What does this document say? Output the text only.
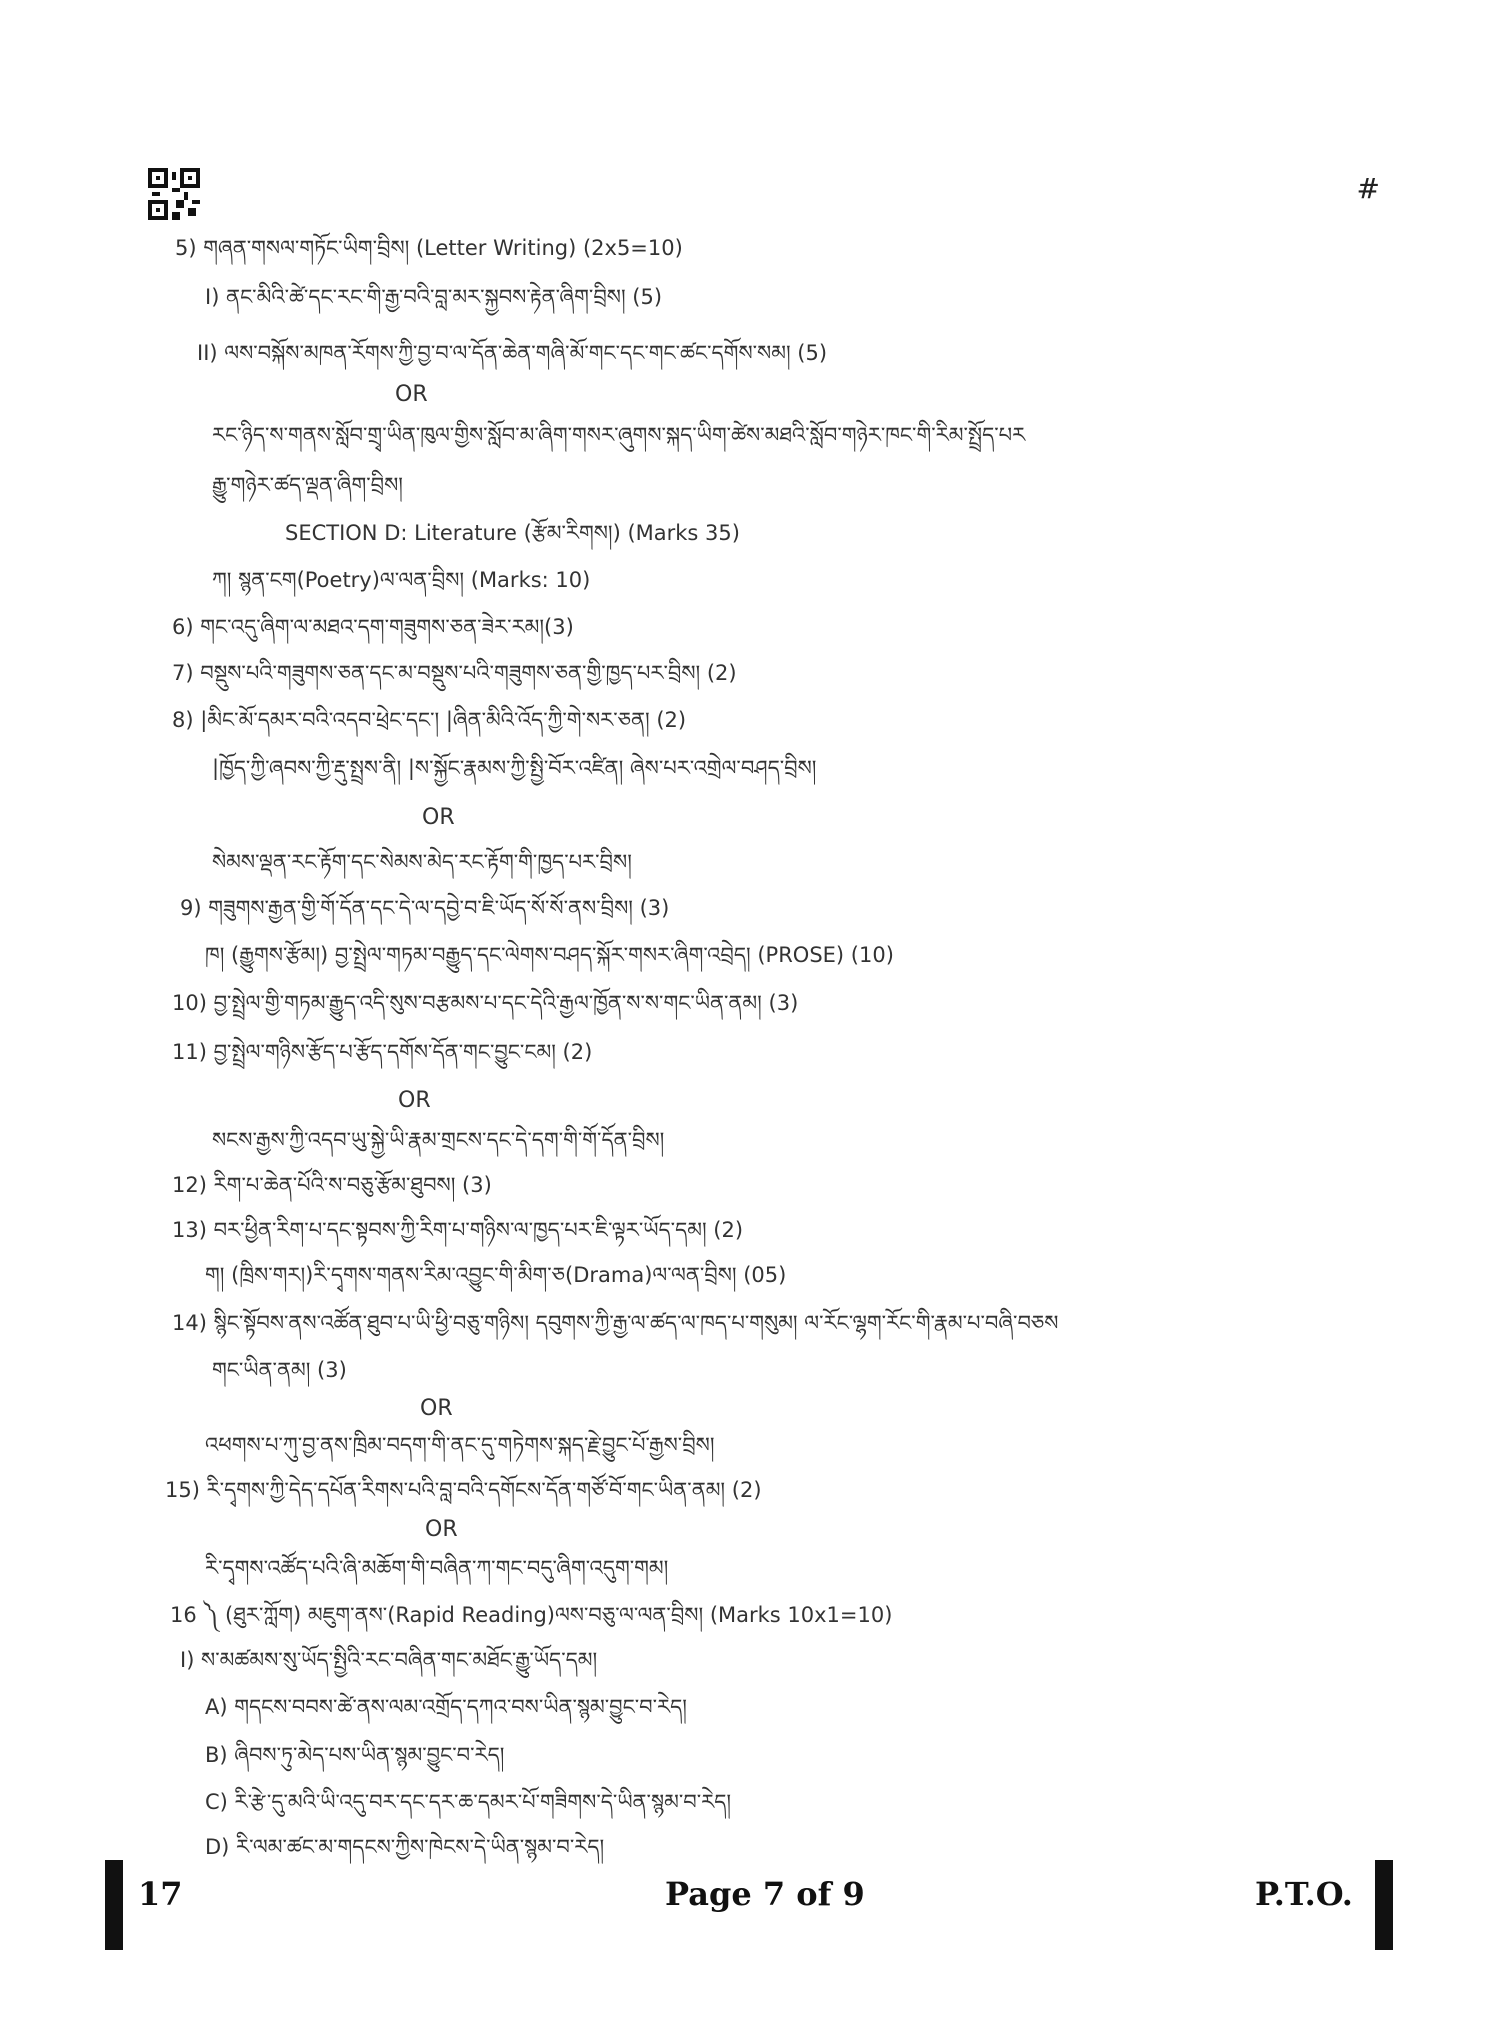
#
5) གཞན་གསལ་གཏོང་ཡིག་བྲིས། (Letter Writing) (2x5=10)
I) ནང་མིའི་ཚེ་དང་རང་གི་རྒྱ་བའི་བླ་མར་སྐྱབས་རྟེན་ཞིག་བྲིས། (5)
II) ལས་བསྐོས་མཁན་རོགས་ཀྱི་བྱ་བ་ལ་དོན་ཆེན་གཞི་མོ་གང་དང་གང་ཚང་དགོས་སམ། (5)
OR
རང་ཉིད་ས་གནས་སློབ་གྲྭ་ཡིན་ཁུལ་གྱིས་སློབ་མ་ཞིག་གསར་ཞུགས་སྐད་ཡིག་ཚེས་མཐའི་སློབ་གཉེར་ཁང་གི་རིམ་སྤྲོད་པར
རྒྱུ་གཉེར་ཚད་ལྡན་ཞིག་བྲིས།
SECTION D: Literature (རྩོམ་རིགས།) (Marks 35)
ཀ། སྙན་ངག(Poetry)ལ་ལན་བྲིས། (Marks: 10)
6) གང་འདུ་ཞིག་ལ་མཐའ་དག་གཟུགས་ཅན་ཟེར་རམ།(3)
7) བསྡུས་པའི་གཟུགས་ཅན་དང་མ་བསྡུས་པའི་གཟུགས་ཅན་གྱི་ཁྱད་པར་བྲིས། (2)
8) |མིང་མོ་དམར་བའི་འདབ་ཕྲེང་དང་། |ཞིན་མིའི་འོད་ཀྱི་གེ་སར་ཅན། (2)
|ཁྱོད་ཀྱི་ཞབས་ཀྱི་རྡུ་སྤྲས་ནི། |ས་སྐྱོང་རྣམས་ཀྱི་སྤྱི་བོར་འཛིན། ཞེས་པར་འགྲེལ་བཤད་བྲིས།
OR
སེམས་ལྡན་རང་རྟོག་དང་སེམས་མེད་རང་རྟོག་གི་ཁྱད་པར་བྲིས།
9) གཟུགས་རྒྱན་གྱི་གོ་དོན་དང་དེ་ལ་དབྱེ་བ་ཇི་ཡོད་སོ་སོ་ནས་བྲིས། (3)
ཁ། (རྒྱུགས་རྩོམ།) བྱ་སྤྲེལ་གཏམ་བརྒྱུད་དང་ལེགས་བཤད་སྐོར་གསར་ཞིག་འབྲེད། (PROSE) (10)
10) བྱ་སྤྲེལ་གྱི་གཏམ་རྒྱུད་འདི་སུས་བརྩམས་པ་དང་དེའི་རྒྱལ་ཁྱོན་ས་ས་གང་ཡིན་ནམ། (3)
11) བྱ་སྤྲེལ་གཉིས་རྩོད་པ་རྩོད་དགོས་དོན་གང་བྱུང་ངམ། (2)
OR
སངས་རྒྱས་ཀྱི་འདབ་ཡུ་སྐྱེ་ཡི་རྣམ་གྲངས་དང་དེ་དག་གི་གོ་དོན་བྲིས།
12) རིག་པ་ཆེན་པོའི་ས་བཅུ་རྩོམ་ཐུབས། (3)
13) བར་ཕྱིན་རིག་པ་དང་སྟབས་ཀྱི་རིག་པ་གཉིས་ལ་ཁྱད་པར་ཇི་ལྟར་ཡོད་དམ། (2)
ག། (ཁྲིས་གར།)རི་དྭགས་གནས་རིམ་འབྱུང་གི་མིག་ཅ(Drama)ལ་ལན་བྲིས། (05)
14) སྙིང་སྟོབས་ནས་འཚོན་ཐུབ་པ་ཡི་ཕྱི་བཅུ་གཉིས། དབུགས་ཀྱི་རྒྱ་ལ་ཚད་ལ་ཁད་པ་གསུམ། ལ་རོང་ལྷག་རོང་གི་རྣམ་པ་བཞི་བཅས
གང་ཡིན་ནམ། (3)
OR
འཕགས་པ་ཀུ་བྱ་ནས་ཁྲིམ་བདག་གི་ནང་དུ་གཏེགས་སྐད་རྗེ་བྱུང་པོ་རྒྱས་བྲིས།
15) རི་དྭགས་ཀྱི་དེད་དཔོན་རིགས་པའི་བླ་བའི་དགོངས་དོན་གཙོ་བོ་གང་ཡིན་ནམ། (2)
OR
རི་དྭགས་འཚོད་པའི་ཞི་མཆོག་གི་བཞིན་ཀ་གང་བདུ་ཞིག་འདུག་གམ།
16 ༽ (ཐུར་ཀློག) མཇུག་ནས་(Rapid Reading)ལས་བཅུ་ལ་ལན་བྲིས། (Marks 10x1=10)
I) ས་མཚམས་སུ་ཡོད་སྤྱིའི་རང་བཞིན་གང་མཐོང་རྒྱུ་ཡོད་དམ།
A) གདངས་བབས་ཚེ་ནས་ལམ་འགྲོད་དཀའ་བས་ཡིན་སྙམ་བྱུང་བ་རེད།
B) ཞིབས་ཏུ་མེད་པས་ཡིན་སྙམ་བྱུང་བ་རེད།
C) རི་རྩེ་དུ་མའི་ཡི་འདུ་བར་དང་དར་ཆ་དམར་པོ་གཟིགས་དེ་ཡིན་སྙམ་བ་རེད།
D) རི་ལམ་ཚང་མ་གདངས་ཀྱིས་ཁེངས་དེ་ཡིན་སྙམ་བ་རེད།
17	Page 7 of 9	P.T.O.
